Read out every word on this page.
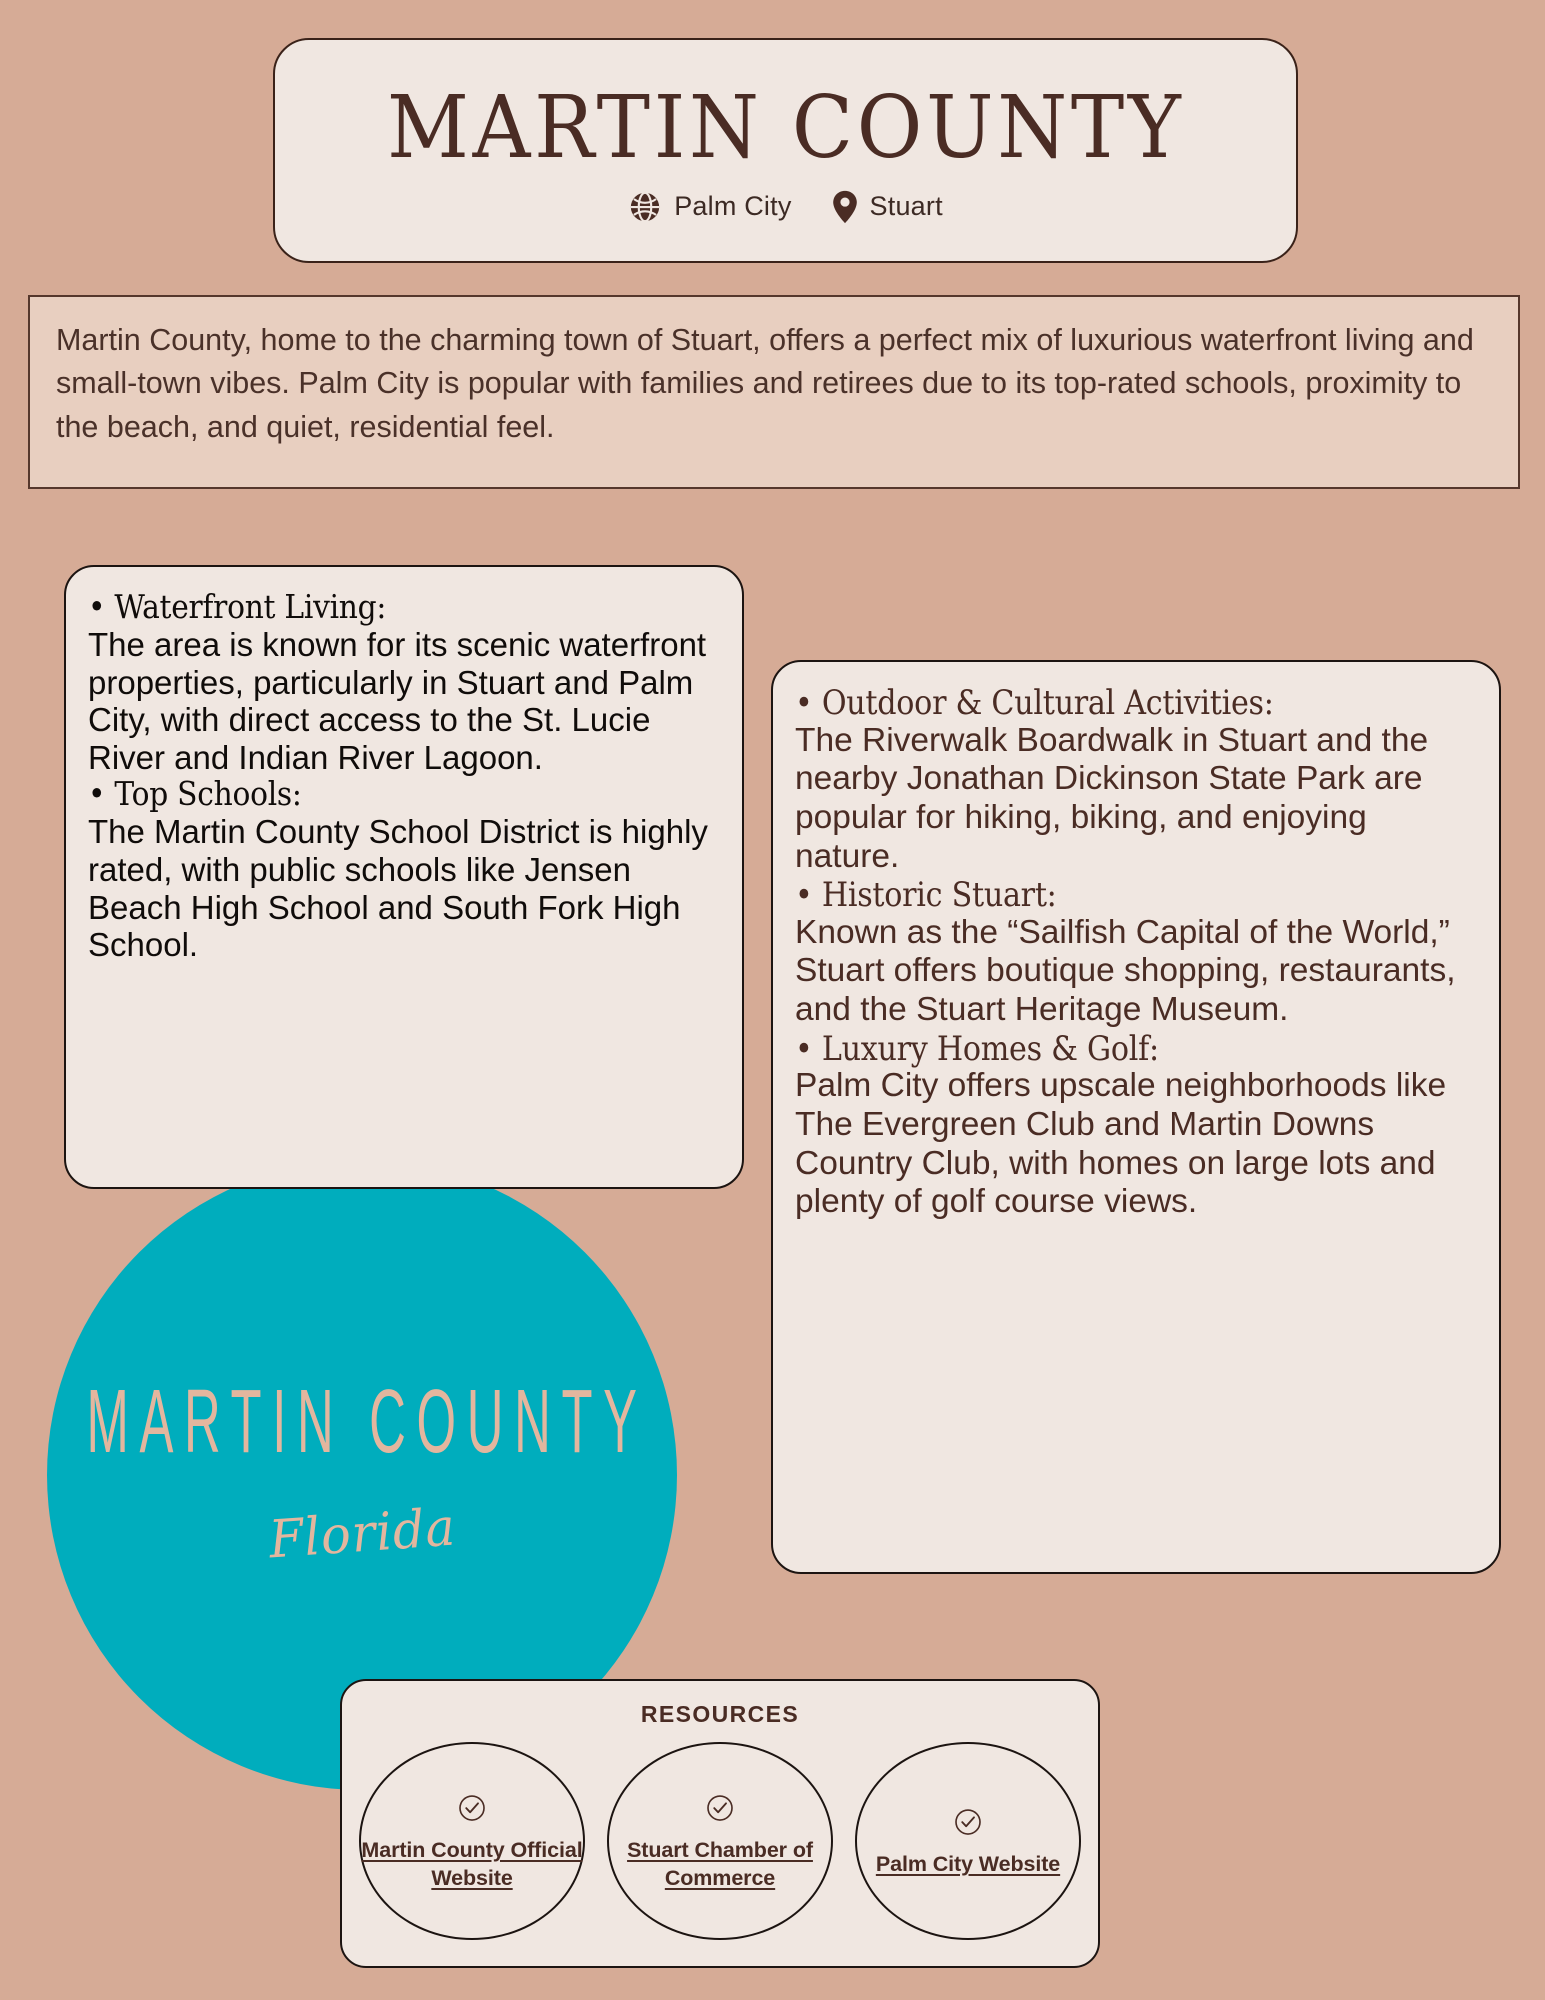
MARTIN COUNTY
Florida
MARTIN COUNTY
Palm City	Stuart

Martin County, home to the charming town of Stuart, offers a perfect mix of luxurious waterfront living and small-town vibes. Palm City is popular with families and retirees due to its top-rated schools, proximity to the beach, and quiet, residential feel.

• Waterfront Living:
The area is known for its scenic waterfront properties, particularly in Stuart and Palm City, with direct access to the St. Lucie River and Indian River Lagoon.
• Top Schools:
The Martin County School District is highly rated, with public schools like Jensen Beach High School and South Fork High School.
• Outdoor & Cultural Activities:
The Riverwalk Boardwalk in Stuart and the nearby Jonathan Dickinson State Park are popular for hiking, biking, and enjoying nature.
• Historic Stuart:
Known as the “Sailfish Capital of the World,” Stuart offers boutique shopping, restaurants, and the Stuart Heritage Museum.
• Luxury Homes & Golf:
Palm City offers upscale neighborhoods like The Evergreen Club and Martin Downs Country Club, with homes on large lots and plenty of golf course views.
RESOURCES
Martin County Official Website
Stuart Chamber of Commerce
Palm City Website
